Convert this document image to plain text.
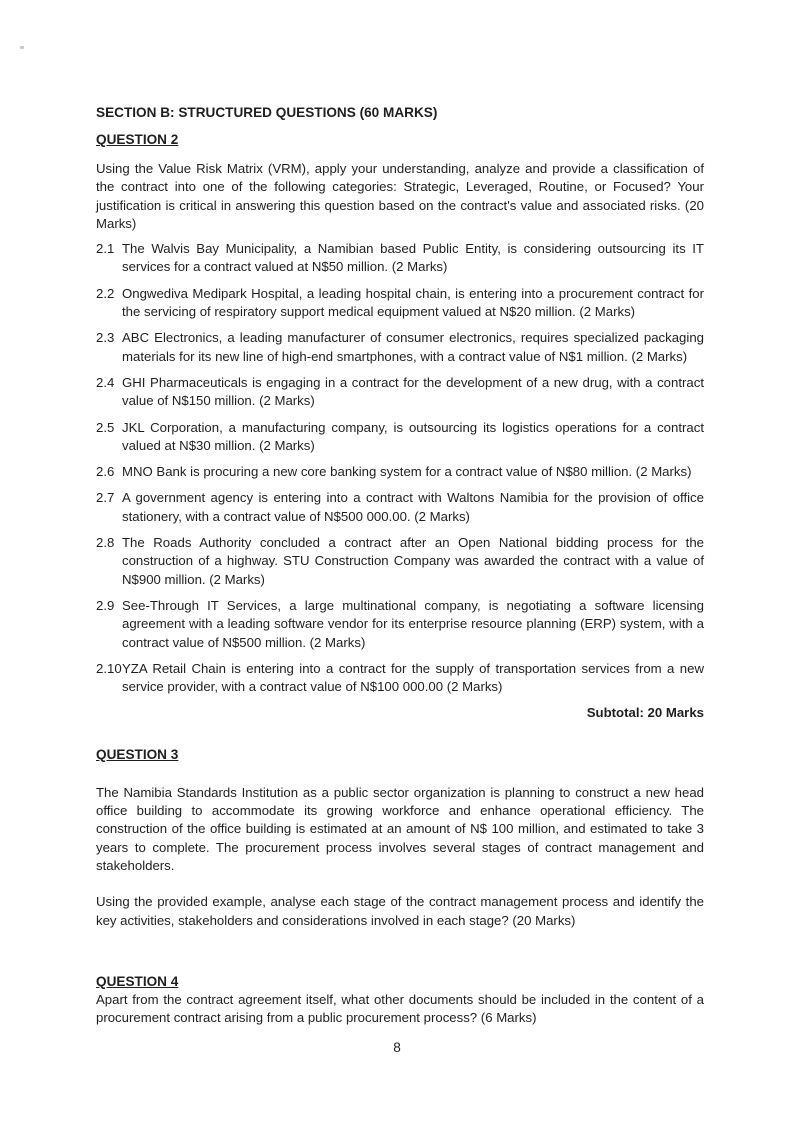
SECTION B: STRUCTURED QUESTIONS (60 MARKS)
QUESTION 2

Using the Value Risk Matrix (VRM), apply your understanding, analyze and provide a classification of the contract into one of the following categories: Strategic, Leveraged, Routine, or Focused? Your justification is critical in answering this question based on the contract's value and associated risks. (20 Marks)

2.1 The Walvis Bay Municipality, a Namibian based Public Entity, is considering outsourcing its IT services for a contract valued at N$50 million. (2 Marks)
2.2 Ongwediva Medipark Hospital, a leading hospital chain, is entering into a procurement contract for the servicing of respiratory support medical equipment valued at N$20 million. (2 Marks)
2.3 ABC Electronics, a leading manufacturer of consumer electronics, requires specialized packaging materials for its new line of high-end smartphones, with a contract value of N$1 million. (2 Marks)
2.4 GHI Pharmaceuticals is engaging in a contract for the development of a new drug, with a contract value of N$150 million. (2 Marks)
2.5 JKL Corporation, a manufacturing company, is outsourcing its logistics operations for a contract valued at N$30 million. (2 Marks)
2.6 MNO Bank is procuring a new core banking system for a contract value of N$80 million. (2 Marks)
2.7 A government agency is entering into a contract with Waltons Namibia for the provision of office stationery, with a contract value of N$500 000.00. (2 Marks)
2.8 The Roads Authority concluded a contract after an Open National bidding process for the construction of a highway. STU Construction Company was awarded the contract with a value of N$900 million. (2 Marks)
2.9 See-Through IT Services, a large multinational company, is negotiating a software licensing agreement with a leading software vendor for its enterprise resource planning (ERP) system, with a contract value of N$500 million. (2 Marks)
2.10 YZA Retail Chain is entering into a contract for the supply of transportation services from a new service provider, with a contract value of N$100 000.00 (2 Marks)
Subtotal: 20 Marks
QUESTION 3

The Namibia Standards Institution as a public sector organization is planning to construct a new head office building to accommodate its growing workforce and enhance operational efficiency. The construction of the office building is estimated at an amount of N$ 100 million, and estimated to take 3 years to complete. The procurement process involves several stages of contract management and stakeholders.

Using the provided example, analyse each stage of the contract management process and identify the key activities, stakeholders and considerations involved in each stage? (20 Marks)

QUESTION 4

Apart from the contract agreement itself, what other documents should be included in the content of a procurement contract arising from a public procurement process? (6 Marks)

8
